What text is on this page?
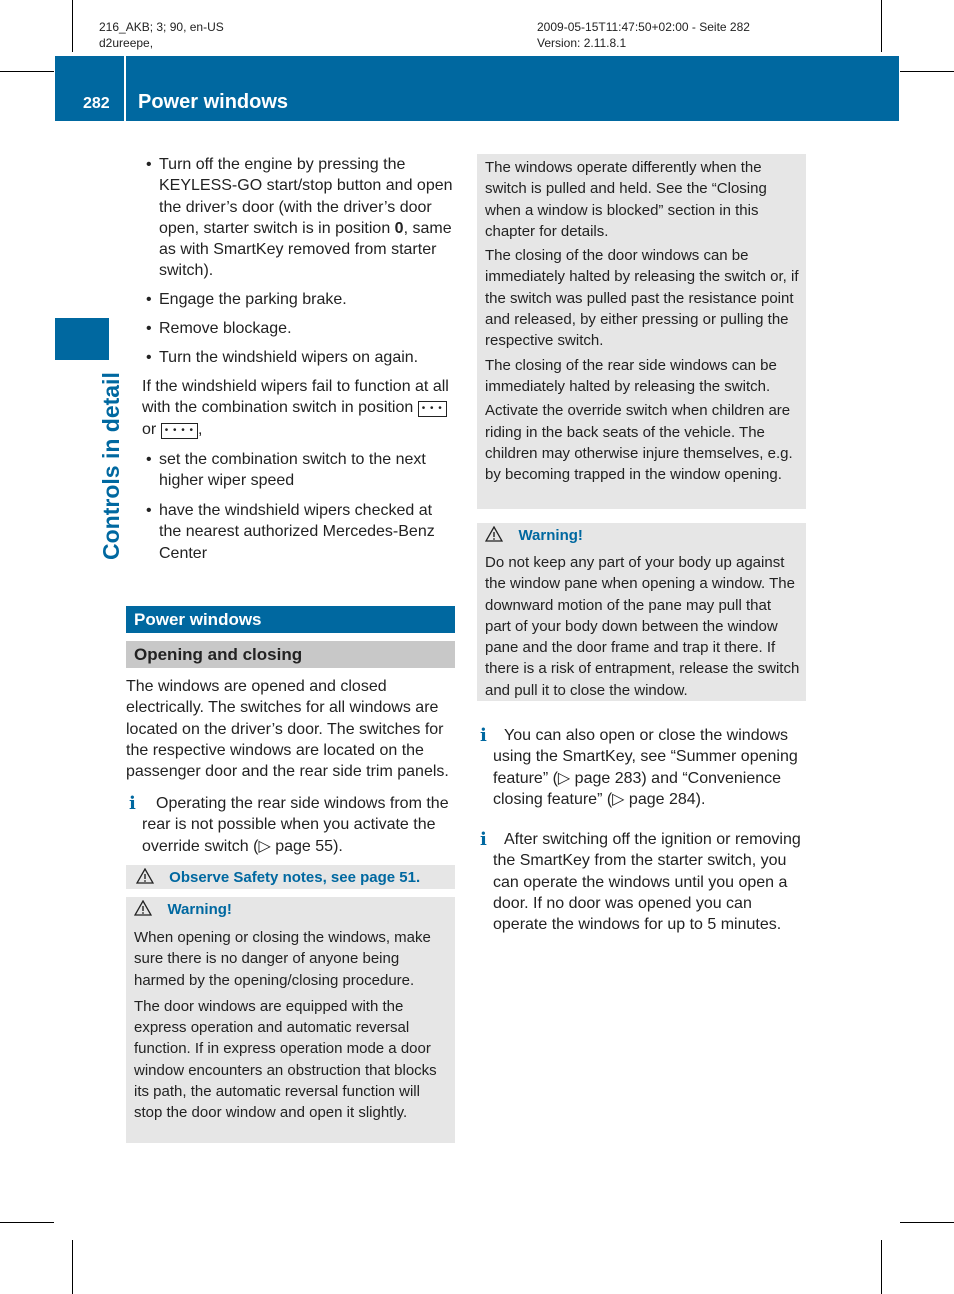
216_AKB; 3; 90, en-US
d2ureepe,
2009-05-15T11:47:50+02:00 - Seite 282
Version: 2.11.8.1
282 Power windows
Controls in detail
• Turn off the engine by pressing the KEYLESS-GO start/stop button and open the driver’s door (with the driver’s door open, starter switch is in position 0, same as with SmartKey removed from starter switch).
• Engage the parking brake.
• Remove blockage.
• Turn the windshield wipers on again.
If the windshield wipers fail to function at all with the combination switch in position • • • or • • • • ,
• set the combination switch to the next higher wiper speed
• have the windshield wipers checked at the nearest authorized Mercedes-Benz Center
Power windows
Opening and closing
The windows are opened and closed electrically. The switches for all windows are located on the driver’s door. The switches for the respective windows are located on the passenger door and the rear side trim panels.
i	Operating the rear side windows from the rear is not possible when you activate the override switch (▷ page 55).
Observe Safety notes, see page 51.
Warning!
When opening or closing the windows, make sure there is no danger of anyone being harmed by the opening/closing procedure.
The door windows are equipped with the express operation and automatic reversal function. If in express operation mode a door window encounters an obstruction that blocks its path, the automatic reversal function will stop the door window and open it slightly.
The windows operate differently when the switch is pulled and held. See the “Closing when a window is blocked” section in this chapter for details.
The closing of the door windows can be immediately halted by releasing the switch or, if the switch was pulled past the resistance point and released, by either pressing or pulling the respective switch.
The closing of the rear side windows can be immediately halted by releasing the switch.
Activate the override switch when children are riding in the back seats of the vehicle. The children may otherwise injure themselves, e.g. by becoming trapped in the window opening.
Warning!
Do not keep any part of your body up against the window pane when opening a window. The downward motion of the pane may pull that part of your body down between the window pane and the door frame and trap it there. If there is a risk of entrapment, release the switch and pull it to close the window.
i	You can also open or close the windows using the SmartKey, see “Summer opening feature” (▷ page 283) and “Convenience closing feature” (▷ page 284).
i	After switching off the ignition or removing the SmartKey from the starter switch, you can operate the windows until you open a door. If no door was opened you can operate the windows for up to 5 minutes.
